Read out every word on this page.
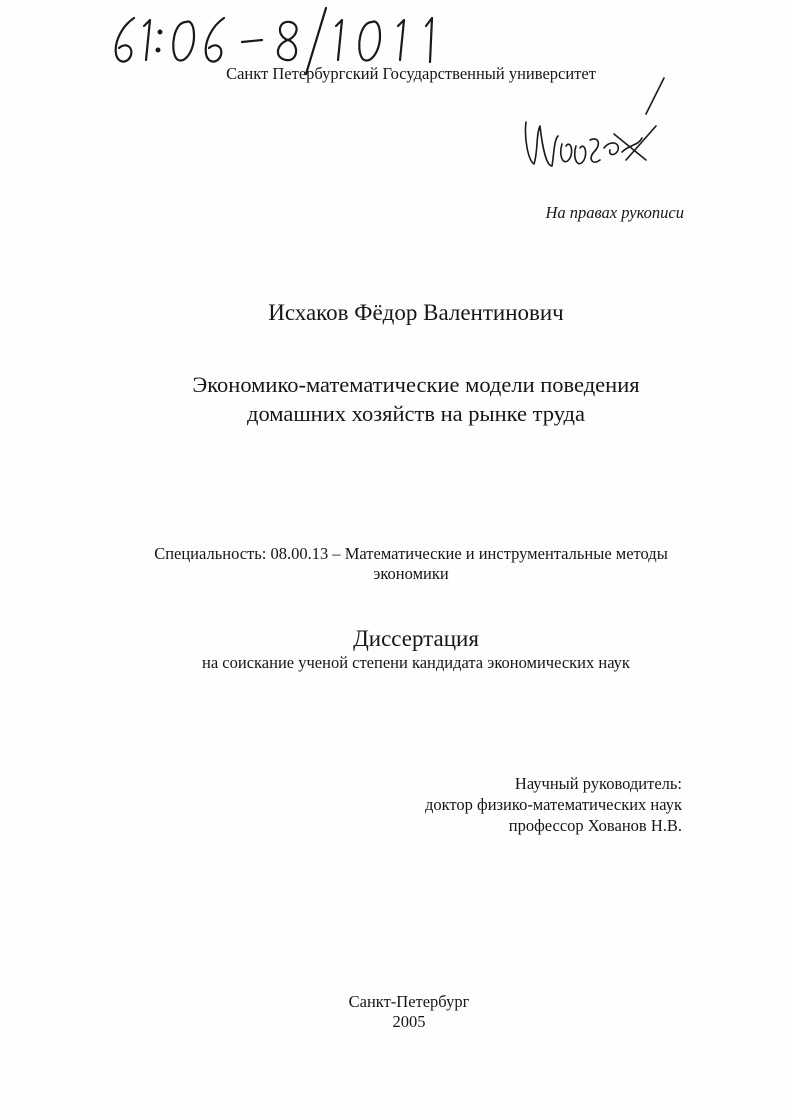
Санкт Петербургский Государственный университет
На правах рукописи
Исхаков Фёдор Валентинович
Экономико-математические модели поведения
домашних хозяйств на рынке труда
Специальность: 08.00.13 – Математические и инструментальные методы
экономики
Диссертация
на соискание ученой степени кандидата экономических наук
Научный руководитель:
доктор физико-математических наук
профессор Хованов Н.В.
Санкт-Петербург
2005
